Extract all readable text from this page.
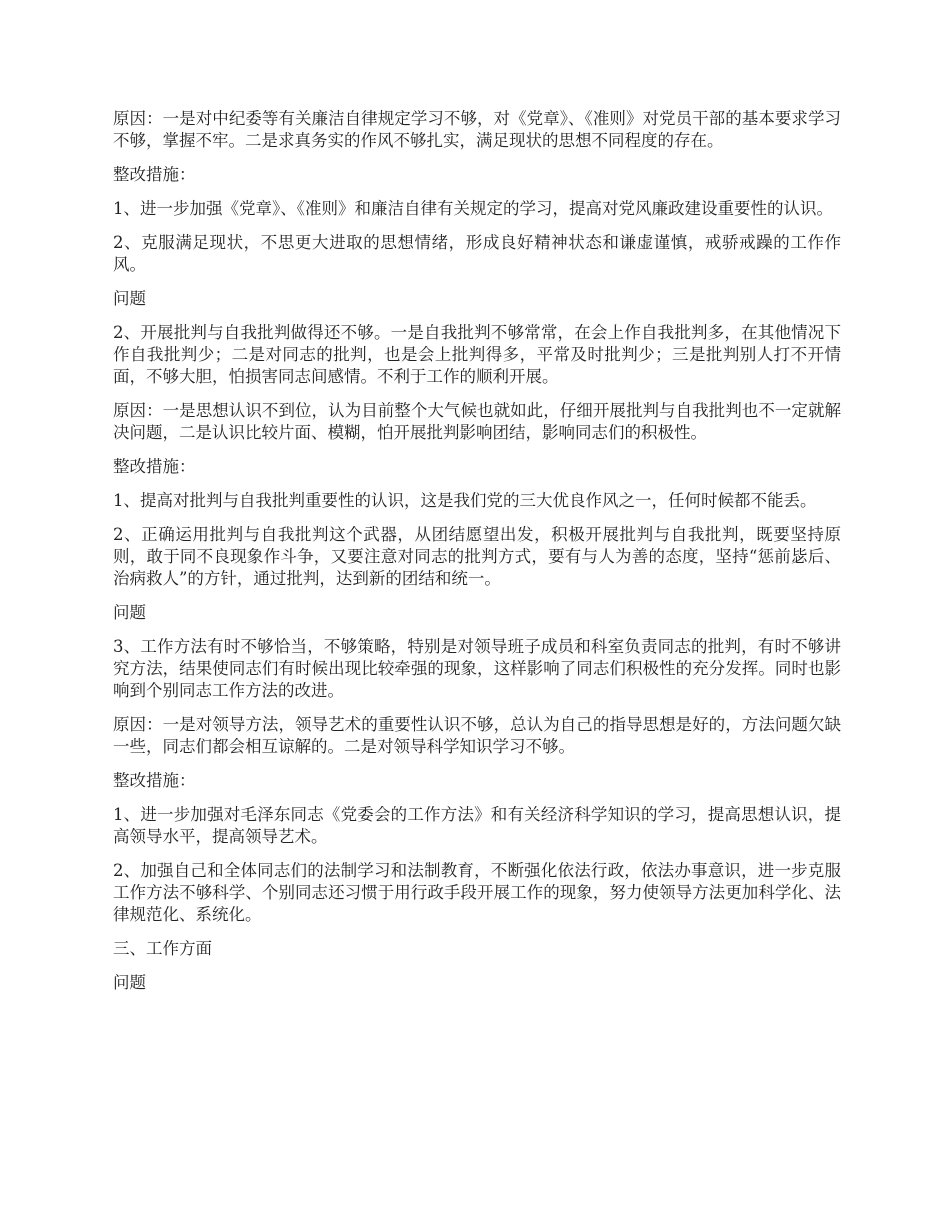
原因：一是对中纪委等有关廉洁自律规定学习不够，对《党章》、《准则》对党员干部的基本要求学习不够，掌握不牢。二是求真务实的作风不够扎实，满足现状的思想不同程度的存在。

整改措施：

1、进一步加强《党章》、《准则》和廉洁自律有关规定的学习，提高对党风廉政建设重要性的认识。

2、克服满足现状，不思更大进取的思想情绪，形成良好精神状态和谦虚谨慎，戒骄戒躁的工作作风。

问题

2、开展批判与自我批判做得还不够。一是自我批判不够常常，在会上作自我批判多，在其他情况下作自我批判少；二是对同志的批判，也是会上批判得多，平常及时批判少；三是批判别人打不开情面，不够大胆，怕损害同志间感情。不利于工作的顺利开展。

原因：一是思想认识不到位，认为目前整个大气候也就如此，仔细开展批判与自我批判也不一定就解决问题，二是认识比较片面、模糊，怕开展批判影响团结，影响同志们的积极性。

整改措施：

1、提高对批判与自我批判重要性的认识，这是我们党的三大优良作风之一，任何时候都不能丢。

2、正确运用批判与自我批判这个武器，从团结愿望出发，积极开展批判与自我批判，既要坚持原则，敢于同不良现象作斗争，又要注意对同志的批判方式，要有与人为善的态度，坚持“惩前毖后、治病救人”的方针，通过批判，达到新的团结和统一。

问题

3、工作方法有时不够恰当，不够策略，特别是对领导班子成员和科室负责同志的批判，有时不够讲究方法，结果使同志们有时候出现比较牵强的现象，这样影响了同志们积极性的充分发挥。同时也影响到个别同志工作方法的改进。

原因：一是对领导方法，领导艺术的重要性认识不够，总认为自己的指导思想是好的，方法问题欠缺一些，同志们都会相互谅解的。二是对领导科学知识学习不够。

整改措施：

1、进一步加强对毛泽东同志《党委会的工作方法》和有关经济科学知识的学习，提高思想认识，提高领导水平，提高领导艺术。

2、加强自己和全体同志们的法制学习和法制教育，不断强化依法行政，依法办事意识，进一步克服工作方法不够科学、个别同志还习惯于用行政手段开展工作的现象，努力使领导方法更加科学化、法律规范化、系统化。

三、工作方面

问题
